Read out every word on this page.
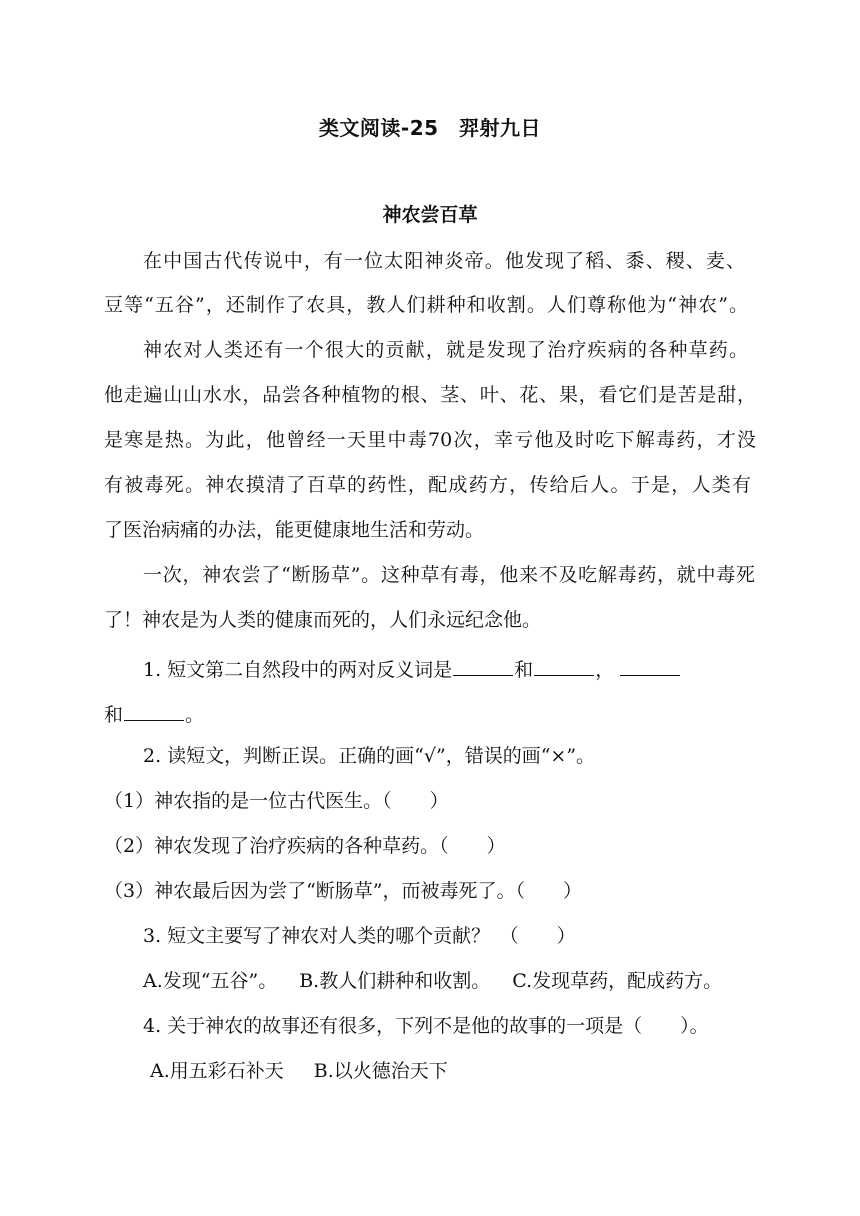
类文阅读-25　羿射九日
神农尝百草
在中国古代传说中，有一位太阳神炎帝。他发现了稻、黍、稷、麦、
豆等“五谷”，还制作了农具，教人们耕种和收割。人们尊称他为“神农”。
神农对人类还有一个很大的贡献，就是发现了治疗疾病的各种草药。
他走遍山山水水，品尝各种植物的根、茎、叶、花、果，看它们是苦是甜，
是寒是热。为此，他曾经一天里中毒70次，幸亏他及时吃下解毒药，才没
有被毒死。神农摸清了百草的药性，配成药方，传给后人。于是，人类有
了医治病痛的办法，能更健康地生活和劳动。
一次，神农尝了“断肠草”。这种草有毒，他来不及吃解毒药，就中毒死
了！神农是为人类的健康而死的，人们永远纪念他。
1. 短文第二自然段中的两对反义词是	和	，
和	。
2. 读短文，判断正误。正确的画“√”，错误的画“×”。
（1）神农指的是一位古代医生。（　　）
（2）神农发现了治疗疾病的各种草药。（　　）
（3）神农最后因为尝了“断肠草”，而被毒死了。（　　）
3. 短文主要写了神农对人类的哪个贡献？　（　　）
A.发现“五谷”。 B.教人们耕种和收割。 C.发现草药，配成药方。
4. 关于神农的故事还有很多，下列不是他的故事的一项是（　　）。
A.用五彩石补天 B.以火德治天下
